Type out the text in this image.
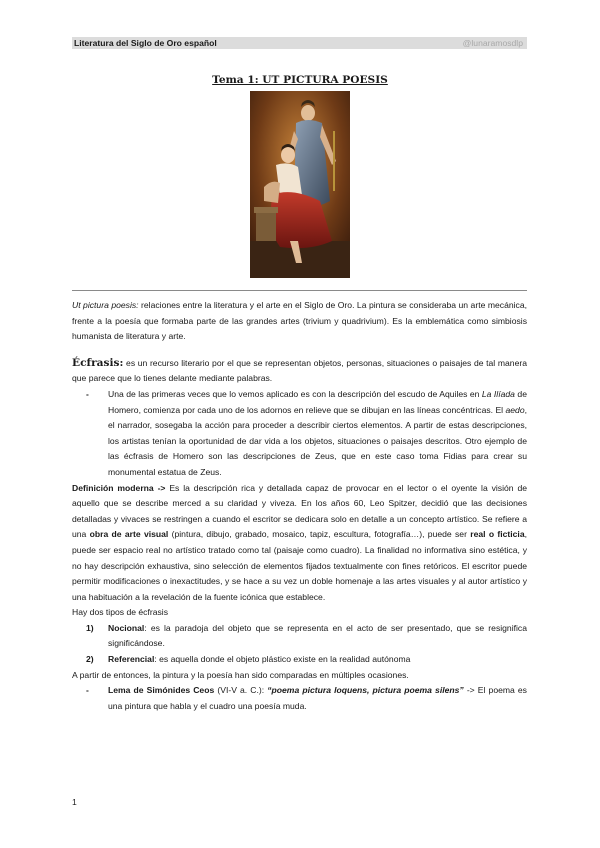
Literatura del Siglo de Oro español	@lunaramosdlp
Tema 1: UT PICTURA POESIS

Ut pictura poesis: relaciones entre la literatura y el arte en el Siglo de Oro. La pintura se consideraba un arte mecánica, frente a la poesía que formaba parte de las grandes artes (trivium y quadrivium). Es la emblemática como simbiosis humanista de literatura y arte.

Écfrasis: es un recurso literario por el que se representan objetos, personas, situaciones o paisajes de tal manera que parece que lo tienes delante mediante palabras.

- Una de las primeras veces que lo vemos aplicado es con la descripción del escudo de Aquiles en La Ilíada de Homero, comienza por cada uno de los adornos en relieve que se dibujan en las líneas concéntricas. El aedo, el narrador, sosegaba la acción para proceder a describir ciertos elementos. A partir de estas descripciones, los artistas tenían la oportunidad de dar vida a los objetos, situaciones o paisajes descritos. Otro ejemplo de las écfrasis de Homero son las descripciones de Zeus, que en este caso toma Fidias para crear su monumental estatua de Zeus.

Definición moderna -> Es la descripción rica y detallada capaz de provocar en el lector o el oyente la visión de aquello que se describe merced a su claridad y viveza. En los años 60, Leo Spitzer, decidió que las decisiones detalladas y vivaces se restringen a cuando el escritor se dedicara solo en detalle a un concepto artístico. Se refiere a una obra de arte visual (pintura, dibujo, grabado, mosaico, tapiz, escultura, fotografía…), puede ser real o ficticia, puede ser espacio real no artístico tratado como tal (paisaje como cuadro). La finalidad no informativa sino estética, y no hay descripción exhaustiva, sino selección de elementos fijados textualmente con fines retóricos. El escritor puede permitir modificaciones o inexactitudes, y se hace a su vez un doble homenaje a las artes visuales y al autor artístico y una habituación a la revelación de la fuente icónica que establece.

Hay dos tipos de écfrasis

1) Nocional: es la paradoja del objeto que se representa en el acto de ser presentado, que se resignifica significándose.

2) Referencial: es aquella donde el objeto plástico existe en la realidad autónoma

A partir de entonces, la pintura y la poesía han sido comparadas en múltiples ocasiones.

- Lema de Simónides Ceos (VI-V a. C.): “poema pictura loquens, pictura poema silens” -> El poema es una pintura que habla y el cuadro una poesía muda.

1
